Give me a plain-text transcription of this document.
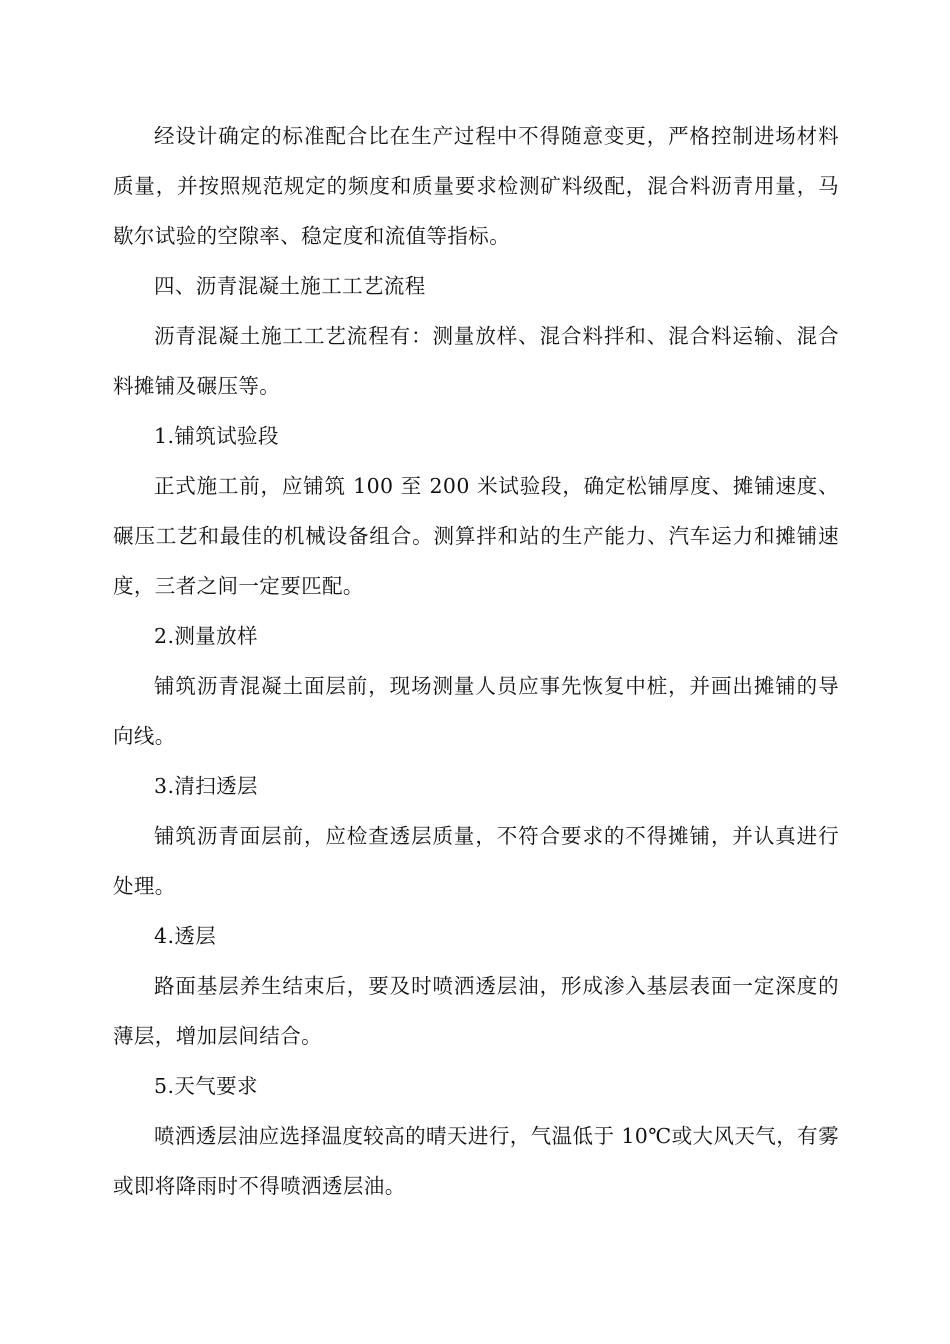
经设计确定的标准配合比在生产过程中不得随意变更，严格控制进场材料质量，并按照规范规定的频度和质量要求检测矿料级配，混合料沥青用量，马歇尔试验的空隙率、稳定度和流值等指标。

四、沥青混凝土施工工艺流程

沥青混凝土施工工艺流程有：测量放样、混合料拌和、混合料运输、混合料摊铺及碾压等。

1.铺筑试验段

正式施工前，应铺筑 100 至 200 米试验段，确定松铺厚度、摊铺速度、碾压工艺和最佳的机械设备组合。测算拌和站的生产能力、汽车运力和摊铺速度，三者之间一定要匹配。

2.测量放样

铺筑沥青混凝土面层前，现场测量人员应事先恢复中桩，并画出摊铺的导向线。

3.清扫透层

铺筑沥青面层前，应检查透层质量，不符合要求的不得摊铺，并认真进行处理。

4.透层

路面基层养生结束后，要及时喷洒透层油，形成渗入基层表面一定深度的薄层，增加层间结合。

5.天气要求

喷洒透层油应选择温度较高的晴天进行，气温低于 10℃或大风天气，有雾或即将降雨时不得喷洒透层油。
